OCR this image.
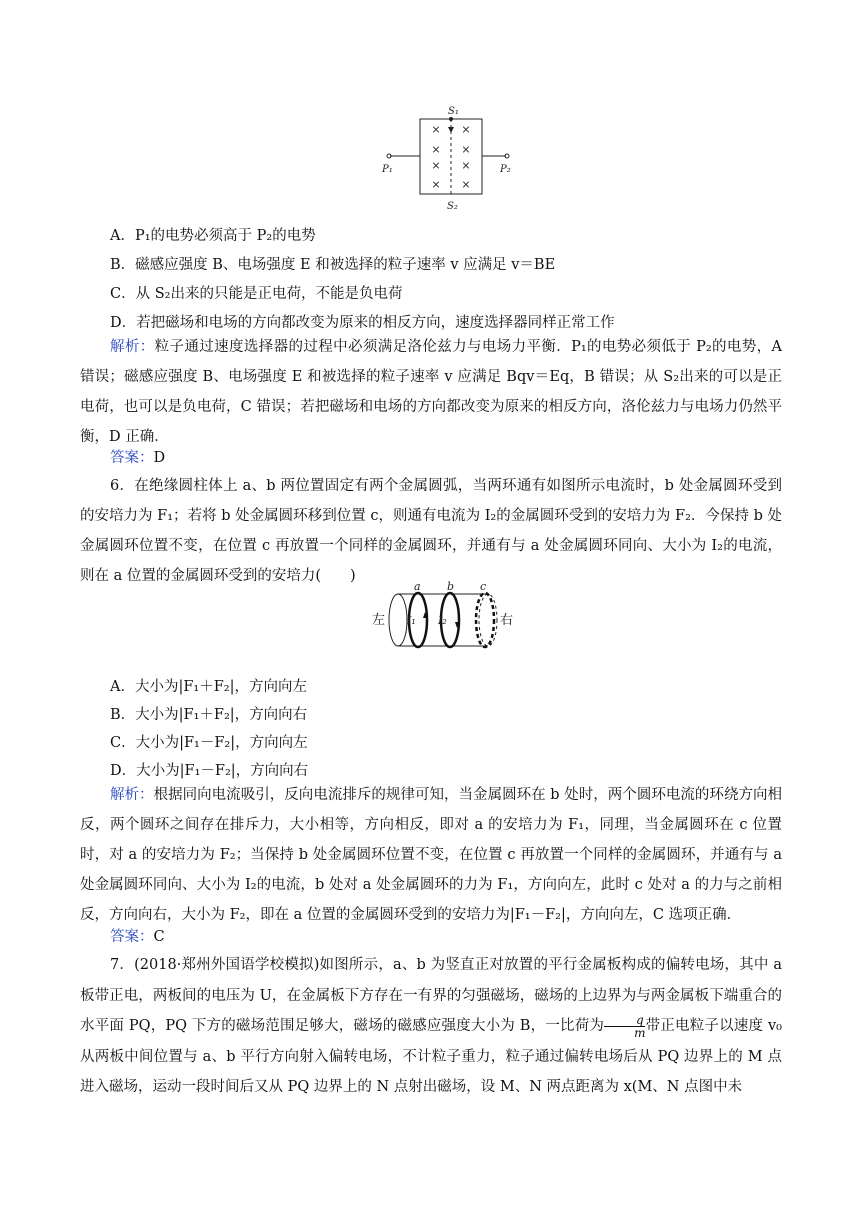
×
×
×
×
×
×
×
×
S₁
S₂
P₁	P₂
A．P₁的电势必须高于 P₂的电势
B．磁感应强度 B、电场强度 E 和被选择的粒子速率 v 应满足 v＝BE
C．从 S₂出来的只能是正电荷，不能是负电荷
D．若把磁场和电场的方向都改变为原来的相反方向，速度选择器同样正常工作
解析：粒子通过速度选择器的过程中必须满足洛伦兹力与电场力平衡．P₁的电势必须低于 P₂的电势，A 错误；磁感应强度 B、电场强度 E 和被选择的粒子速率 v 应满足 Bqv＝Eq，B 错误；从 S₂出来的可以是正电荷，也可以是负电荷，C 错误；若把磁场和电场的方向都改变为原来的相反方向，洛伦兹力与电场力仍然平衡，D 正确．
答案：D
6．在绝缘圆柱体上 a、b 两位置固定有两个金属圆弧，当两环通有如图所示电流时，b 处金属圆环受到的安培力为 F₁；若将 b 处金属圆环移到位置 c，则通有电流为 I₂的金属圆环受到的安培力为 F₂．今保持 b 处金属圆环位置不变，在位置 c 再放置一个同样的金属圆环，并通有与 a 处金属圆环同向、大小为 I₂的电流，则在 a 位置的金属圆环受到的安培力(　　)
a b c
I₁ I₂
左	右
A．大小为|F₁＋F₂|，方向向左
B．大小为|F₁＋F₂|，方向向右
C．大小为|F₁－F₂|，方向向左
D．大小为|F₁－F₂|，方向向右
解析：根据同向电流吸引，反向电流排斥的规律可知，当金属圆环在 b 处时，两个圆环电流的环绕方向相反，两个圆环之间存在排斥力，大小相等，方向相反，即对 a 的安培力为 F₁，同理，当金属圆环在 c 位置时，对 a 的安培力为 F₂；当保持 b 处金属圆环位置不变，在位置 c 再放置一个同样的金属圆环，并通有与 a 处金属圆环同向、大小为 I₂的电流，b 处对 a 处金属圆环的力为 F₁，方向向左，此时 c 处对 a 的力与之前相反，方向向右，大小为 F₂，即在 a 位置的金属圆环受到的安培力为|F₁－F₂|，方向向左，C 选项正确．
答案：C
7．(2018·郑州外国语学校模拟)如图所示，a、b 为竖直正对放置的平行金属板构成的偏转电场，其中 a 板带正电，两板间的电压为 U，在金属板下方存在一有界的匀强磁场，磁场的上边界为与两金属板下端重合的水平面 PQ，PQ 下方的磁场范围足够大，磁场的磁感应强度大小为 B，一比荷为 $\frac{q}{m}$ 带正电粒子以速度 v₀从两板中间位置与 a、b 平行方向射入偏转电场，不计粒子重力，粒子通过偏转电场后从 PQ 边界上的 M 点进入磁场，运动一段时间后又从 PQ 边界上的 N 点射出磁场，设 M、N 两点距离为 x(M、N 点图中未
